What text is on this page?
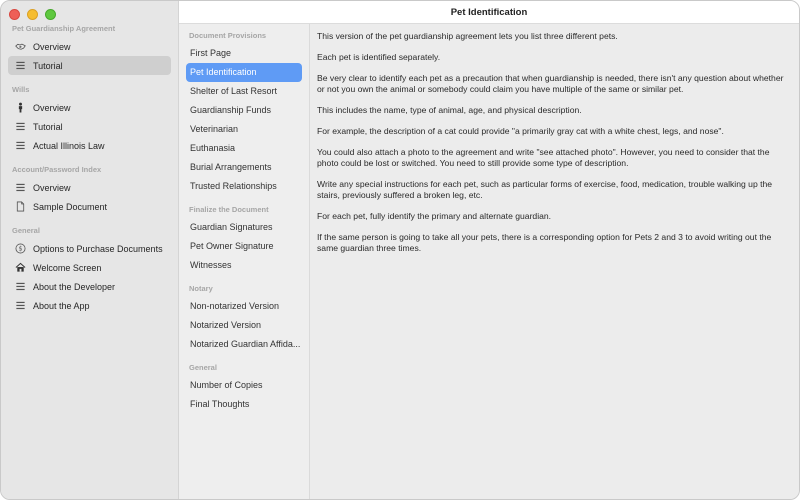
Pet Guardianship Agreement
Overview
Tutorial
Wills
Overview
Tutorial
Actual Illinois Law
Account/Password Index
Overview
Sample Document
General
$ Options to Purchase Documents
Welcome Screen
About the Developer
About the App
Pet Identification
Document Provisions
First Page
Pet Identification
Shelter of Last Resort
Guardianship Funds
Veterinarian
Euthanasia
Burial Arrangements
Trusted Relationships
Finalize the Document
Guardian Signatures
Pet Owner Signature
Witnesses
Notary
Non-notarized Version
Notarized Version
Notarized Guardian Affida...
General
Number of Copies
Final Thoughts

This version of the pet guardianship agreement lets you list three different pets.

Each pet is identified separately.

Be very clear to identify each pet as a precaution that when guardianship is needed, there isn't any question about whether or not you own the animal or somebody could claim you have multiple of the same or similar pet.

This includes the name, type of animal, age, and physical description.

For example, the description of a cat could provide "a primarily gray cat with a white chest, legs, and nose".

You could also attach a photo to the agreement and write "see attached photo". However, you need to consider that the photo could be lost or switched. You need to still provide some type of description.

Write any special instructions for each pet, such as particular forms of exercise, food, medication, trouble walking up the stairs, previously suffered a broken leg, etc.

For each pet, fully identify the primary and alternate guardian.

If the same person is going to take all your pets, there is a corresponding option for Pets 2 and 3 to avoid writing out the same guardian three times.
